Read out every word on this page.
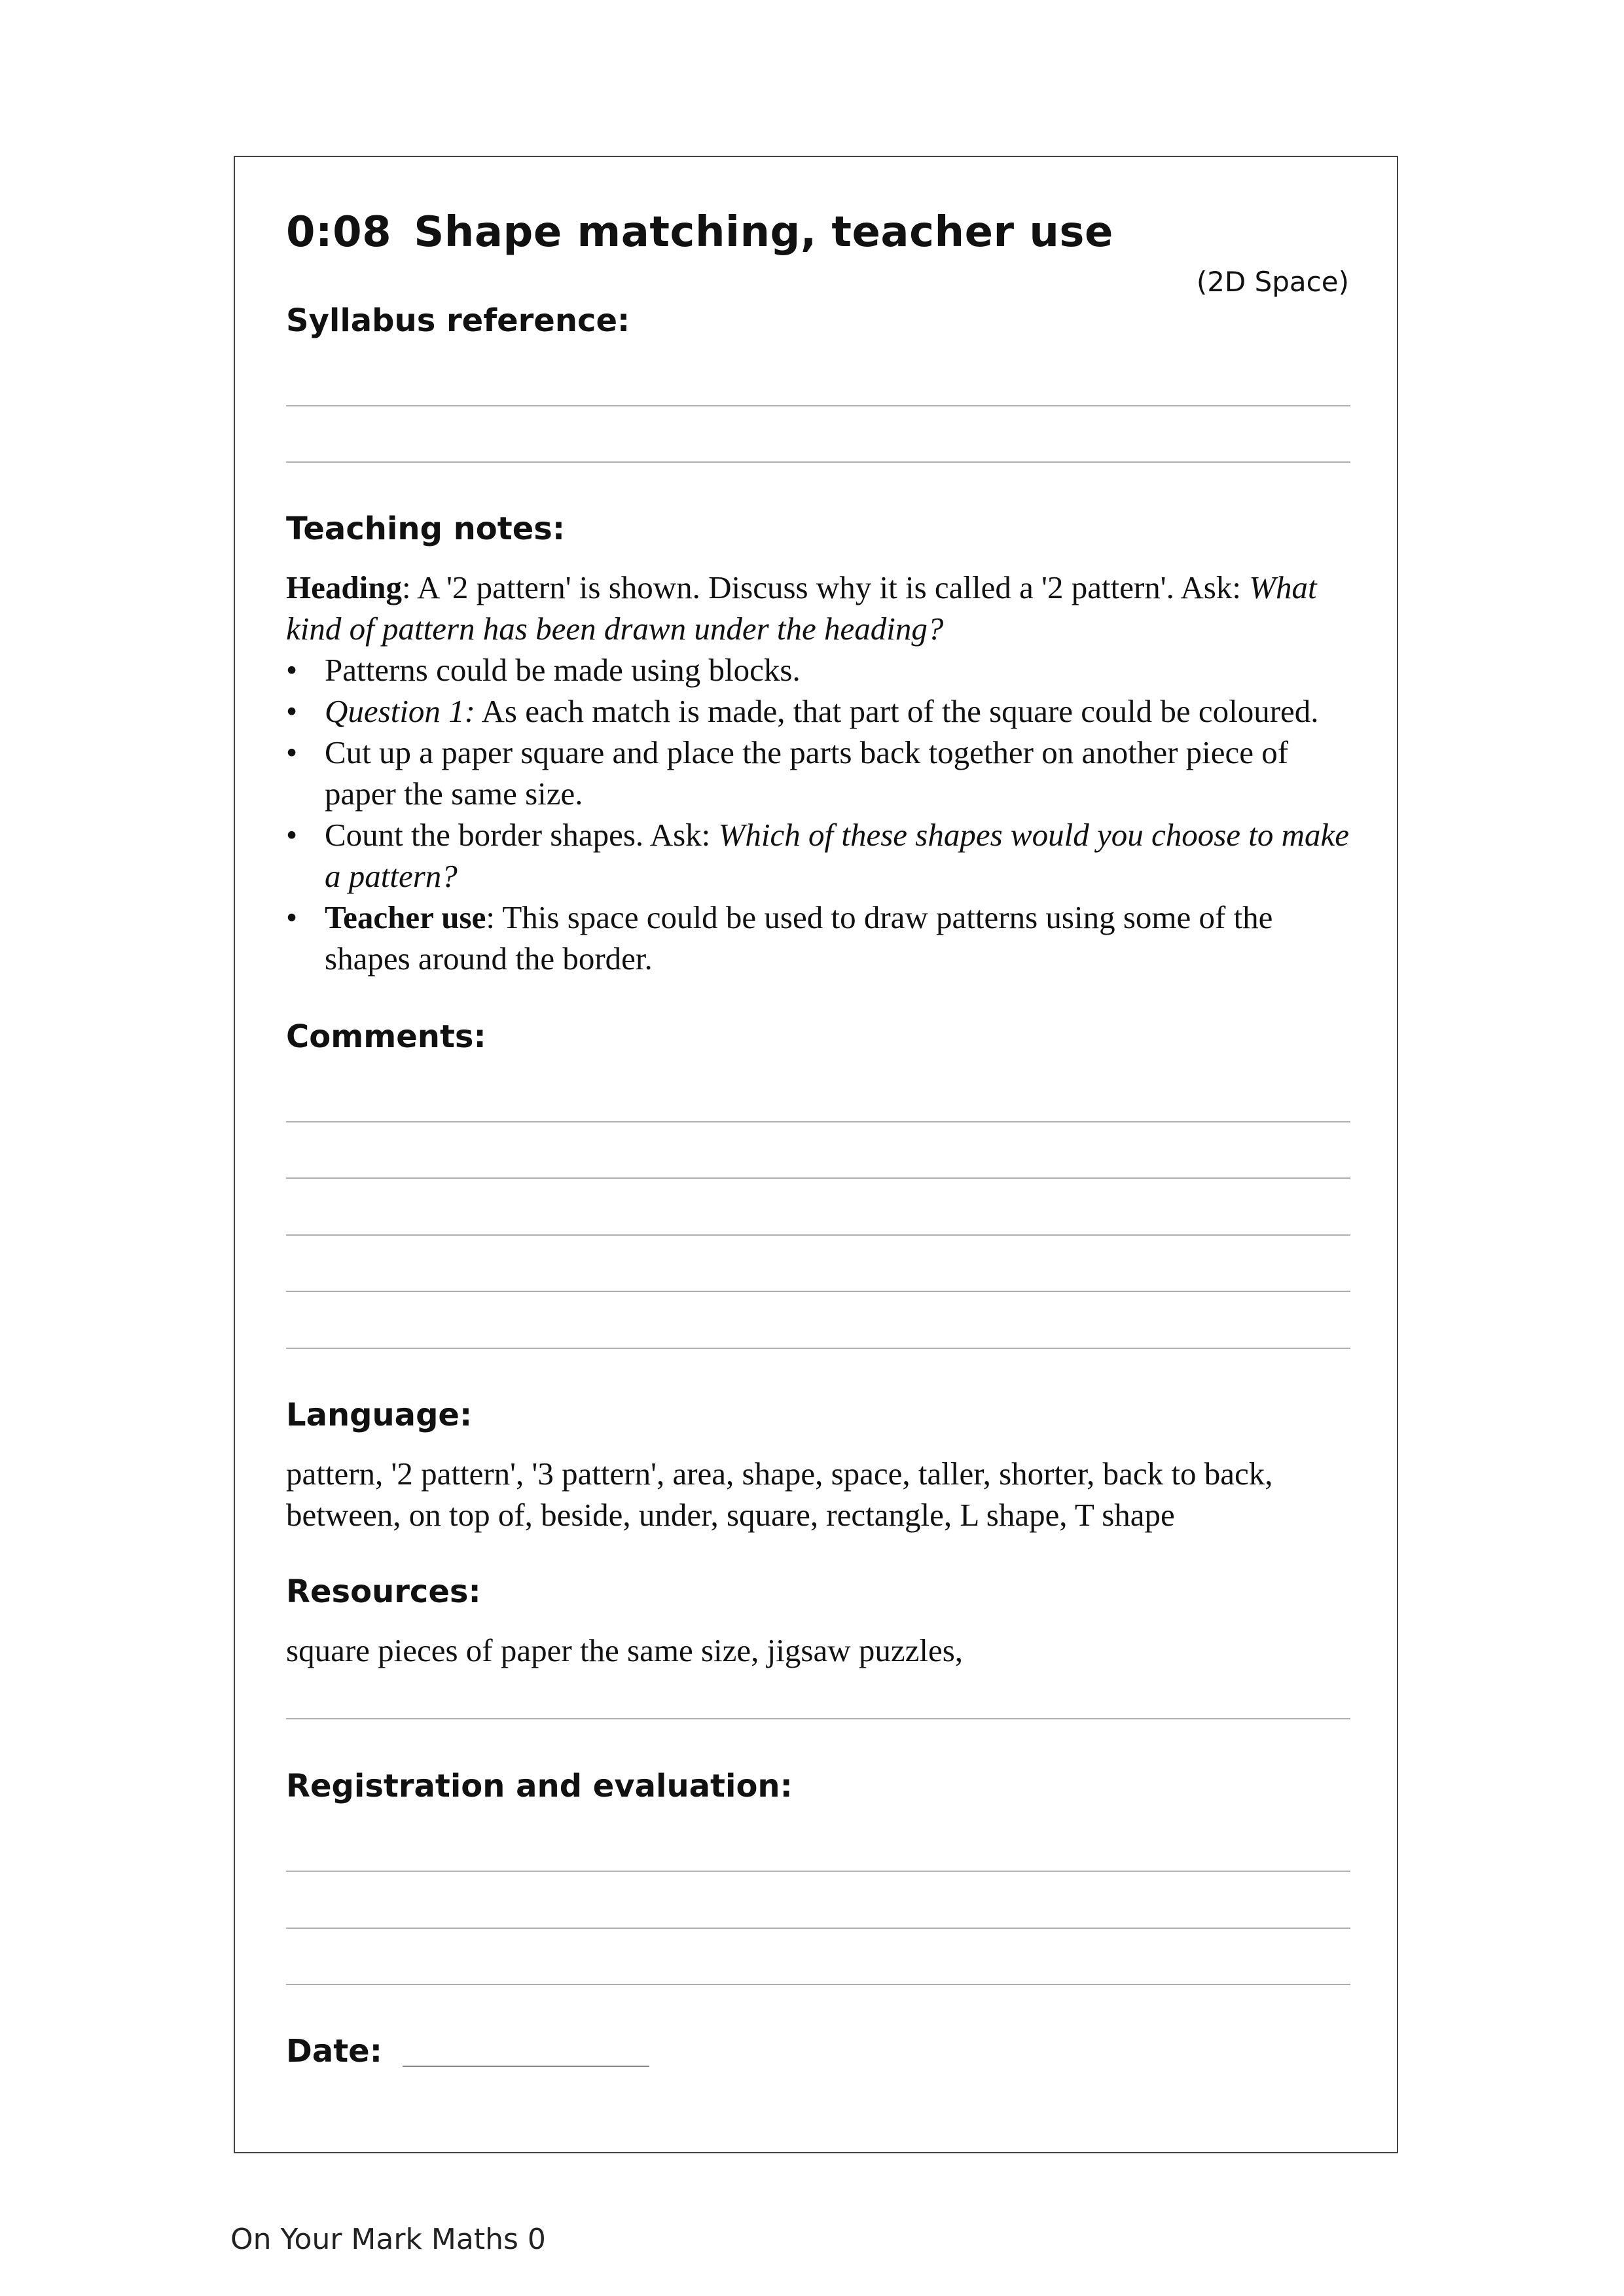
0:08 Shape matching, teacher use
(2D Space)
Syllabus reference:
Teaching notes:

Heading: A '2 pattern' is shown. Discuss why it is called a '2 pattern'. Ask: What kind of pattern has been drawn under the heading?

• Patterns could be made using blocks.
• Question 1: As each match is made, that part of the square could be coloured.
• Cut up a paper square and place the parts back together on another piece of paper the same size.
• Count the border shapes. Ask: Which of these shapes would you choose to make a pattern?
• Teacher use: This space could be used to draw patterns using some of the shapes around the border.
Comments:
Language:
pattern, '2 pattern', '3 pattern', area, shape, space, taller, shorter, back to back, between, on top of, beside, under, square, rectangle, L shape, T shape
Resources:
square pieces of paper the same size, jigsaw puzzles,
Registration and evaluation:
Date:
On Your Mark Maths 0
